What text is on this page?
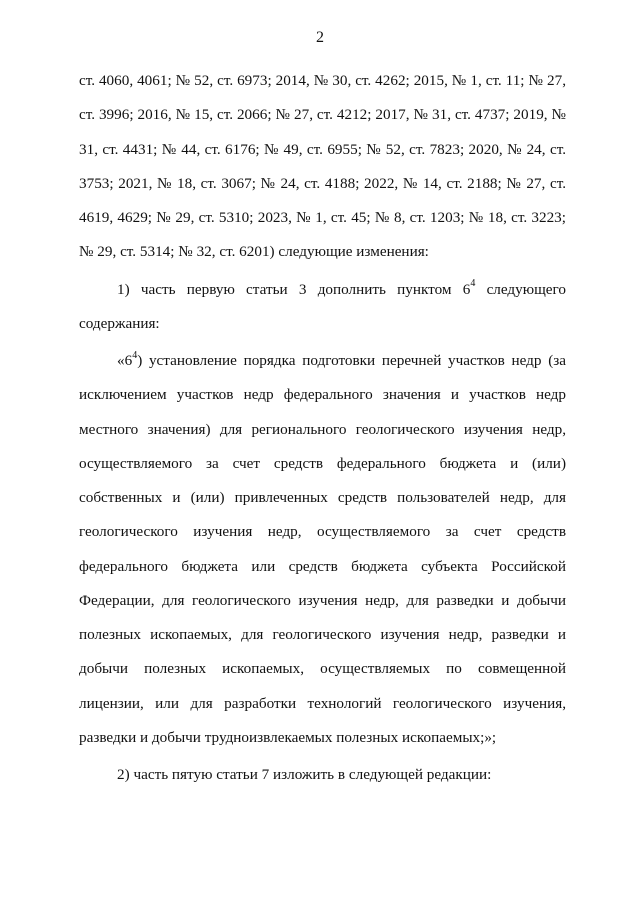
2

ст. 4060, 4061; № 52, ст. 6973; 2014, № 30, ст. 4262; 2015, № 1, ст. 11; № 27, ст. 3996; 2016, № 15, ст. 2066; № 27, ст. 4212; 2017, № 31, ст. 4737; 2019, № 31, ст. 4431; № 44, ст. 6176; № 49, ст. 6955; № 52, ст. 7823; 2020, № 24, ст. 3753; 2021, № 18, ст. 3067; № 24, ст. 4188; 2022, № 14, ст. 2188; № 27, ст. 4619, 4629; № 29, ст. 5310; 2023, № 1, ст. 45; № 8, ст. 1203; № 18, ст. 3223; № 29, ст. 5314; № 32, ст. 6201) следующие изменения:

1) часть первую статьи 3 дополнить пунктом $6^4$ следующего содержания:

«$6^4$) установление порядка подготовки перечней участков недр (за исключением участков недр федерального значения и участков недр местного значения) для регионального геологического изучения недр, осуществляемого за счет средств федерального бюджета и (или) собственных и (или) привлеченных средств пользователей недр, для геологического изучения недр, осуществляемого за счет средств федерального бюджета или средств бюджета субъекта Российской Федерации, для геологического изучения недр, для разведки и добычи полезных ископаемых, для геологического изучения недр, разведки и добычи полезных ископаемых, осуществляемых по совмещенной лицензии, или для разработки технологий геологического изучения, разведки и добычи трудноизвлекаемых полезных ископаемых;»;

2) часть пятую статьи 7 изложить в следующей редакции:
